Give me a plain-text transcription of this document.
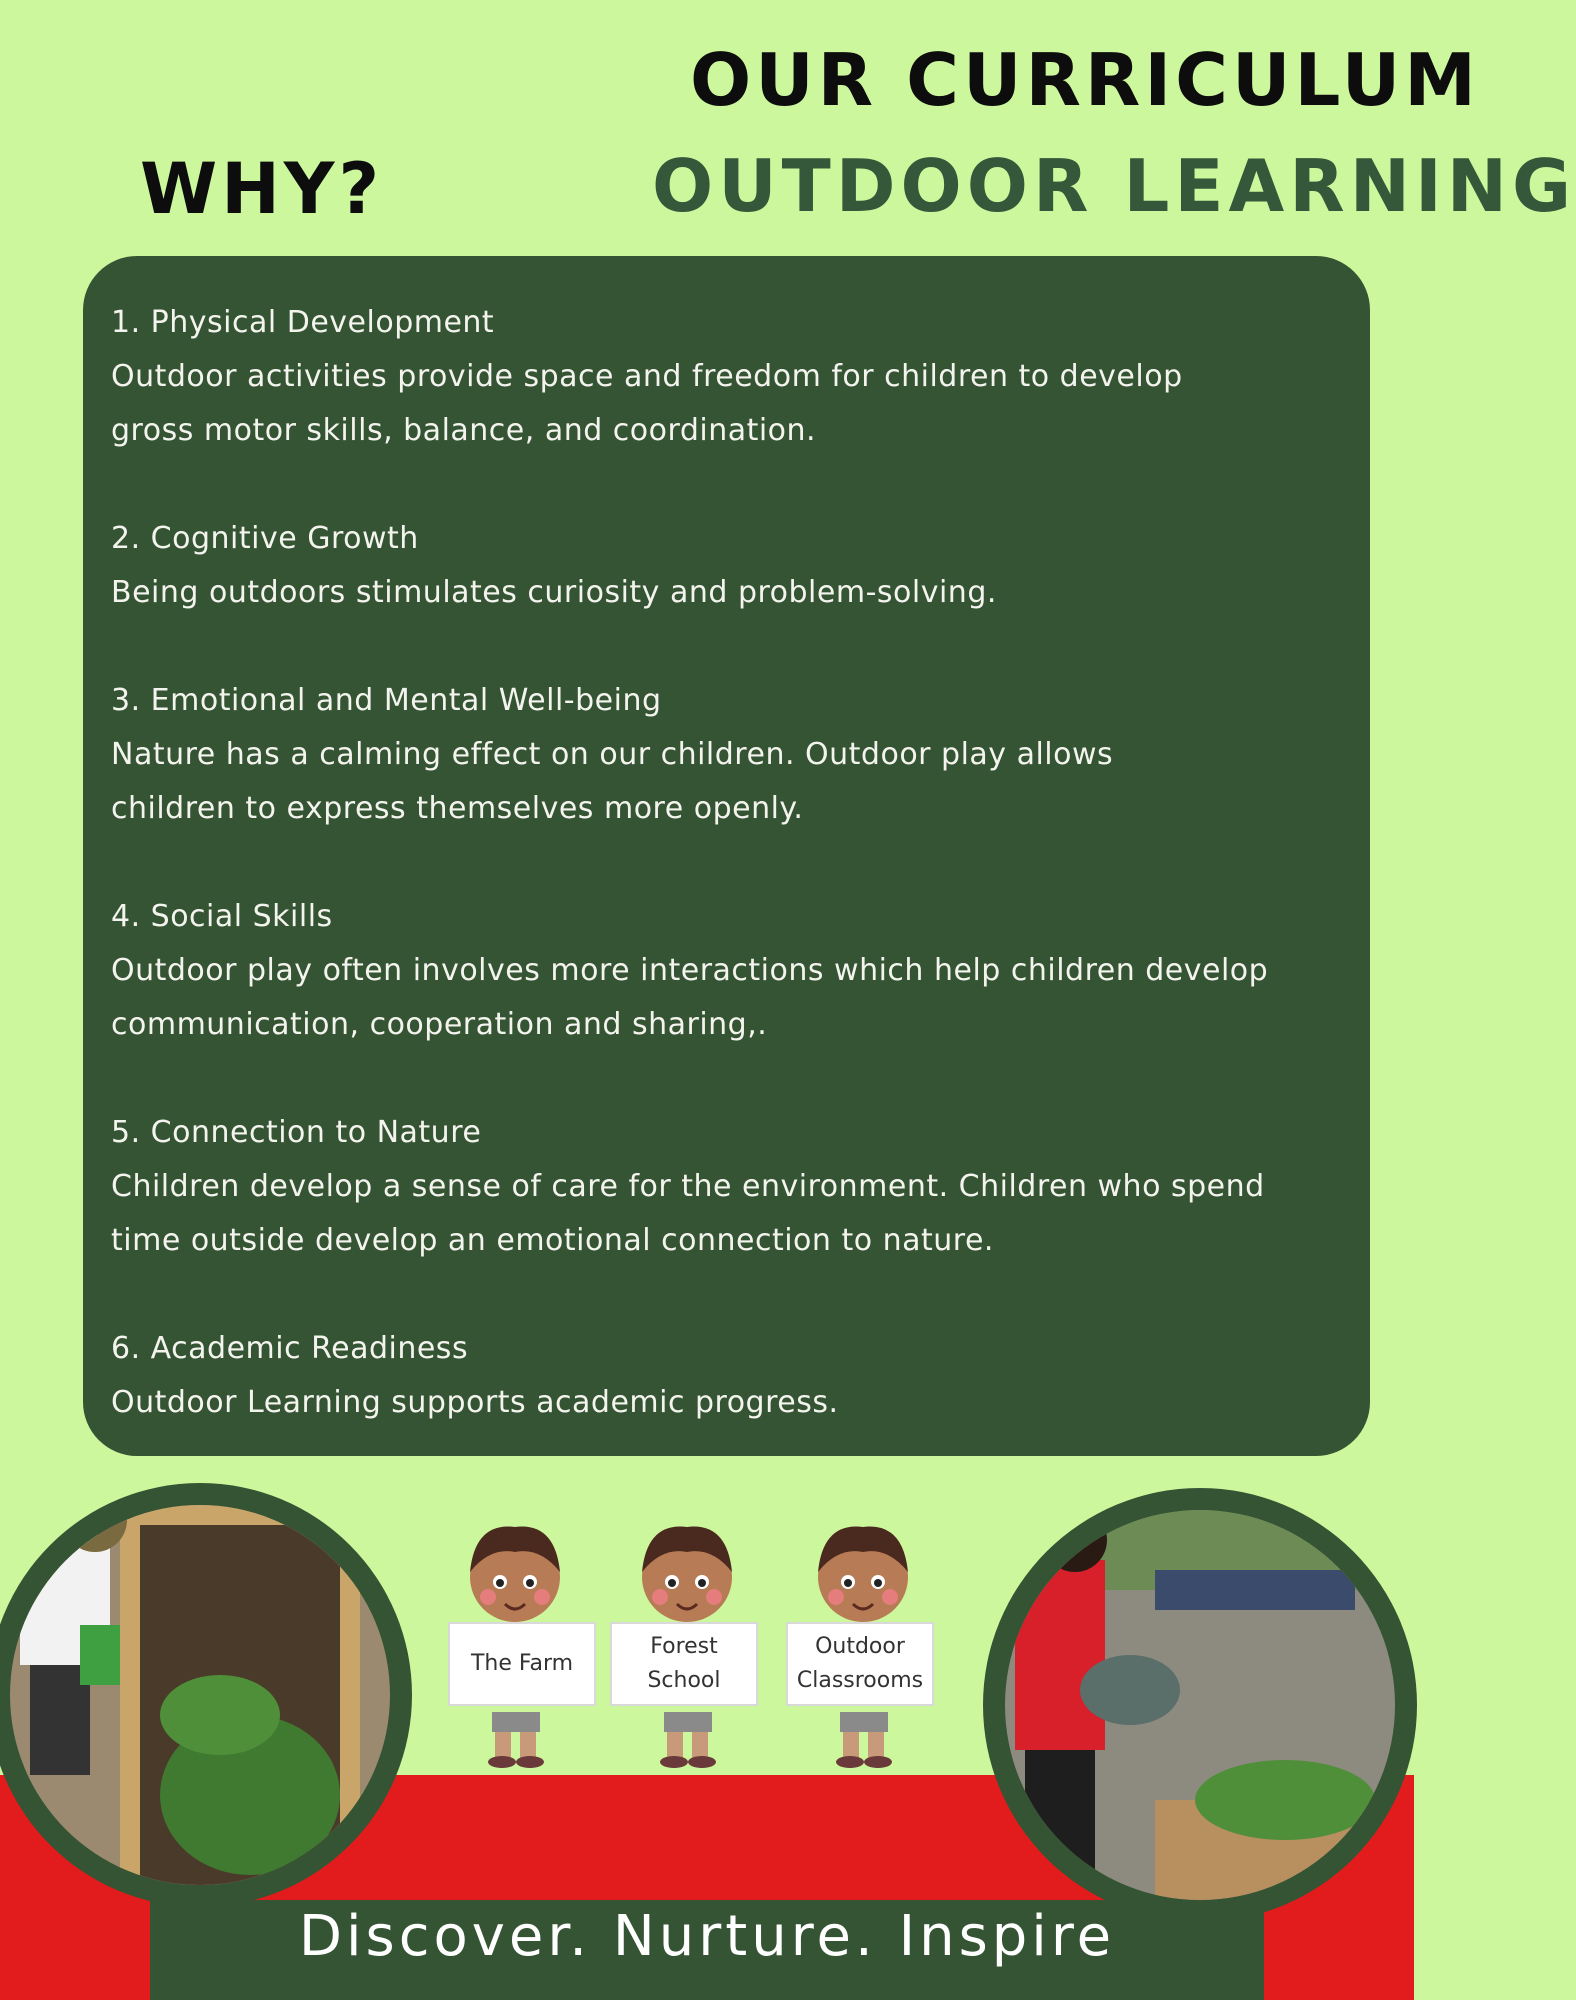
OUR CURRICULUM
WHY?	OUTDOOR LEARNING
1. Physical Development
Outdoor activities provide space and freedom for children to develop
gross motor skills, balance, and coordination.
2. Cognitive Growth
Being outdoors stimulates curiosity and problem-solving.
3. Emotional and Mental Well-being
Nature has a calming effect on our children. Outdoor play allows
children to express themselves more openly.
4. Social Skills
Outdoor play often involves more interactions which help children develop
communication, cooperation and sharing,.
5. Connection to Nature
Children develop a sense of care for the environment. Children who spend
time outside develop an emotional connection to nature.
6. Academic Readiness
Outdoor Learning supports academic progress.
The Farm
Forest
School
Outdoor
Classrooms
Discover. Nurture. Inspire
